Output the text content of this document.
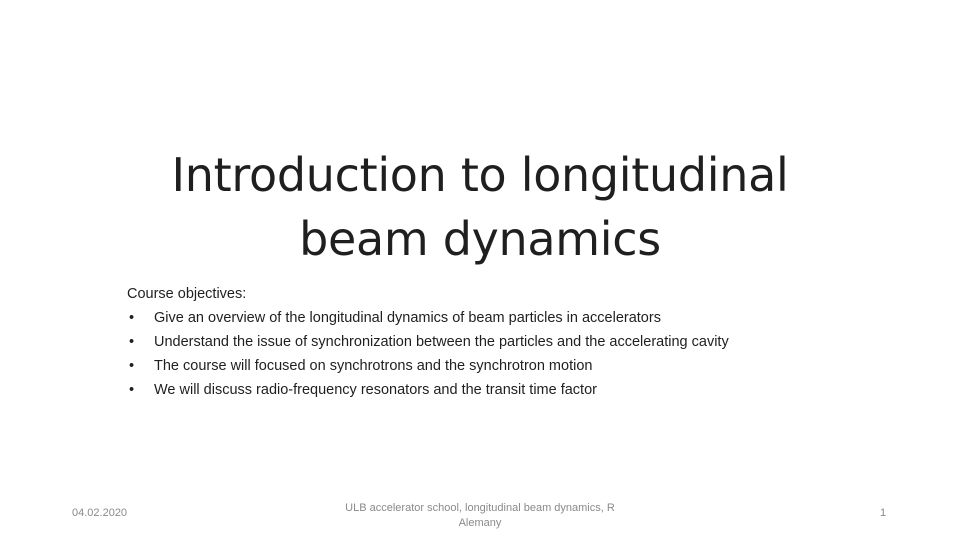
Introduction to longitudinal
beam dynamics
Course objectives:
• Give an overview of the longitudinal dynamics of beam particles in accelerators
• Understand the issue of synchronization between the particles and the accelerating cavity
• The course will focused on synchrotrons and the synchrotron motion
• We will discuss radio-frequency resonators and the transit time factor
04.02.2020	ULB accelerator school, longitudinal beam dynamics, R
Alemany
1
